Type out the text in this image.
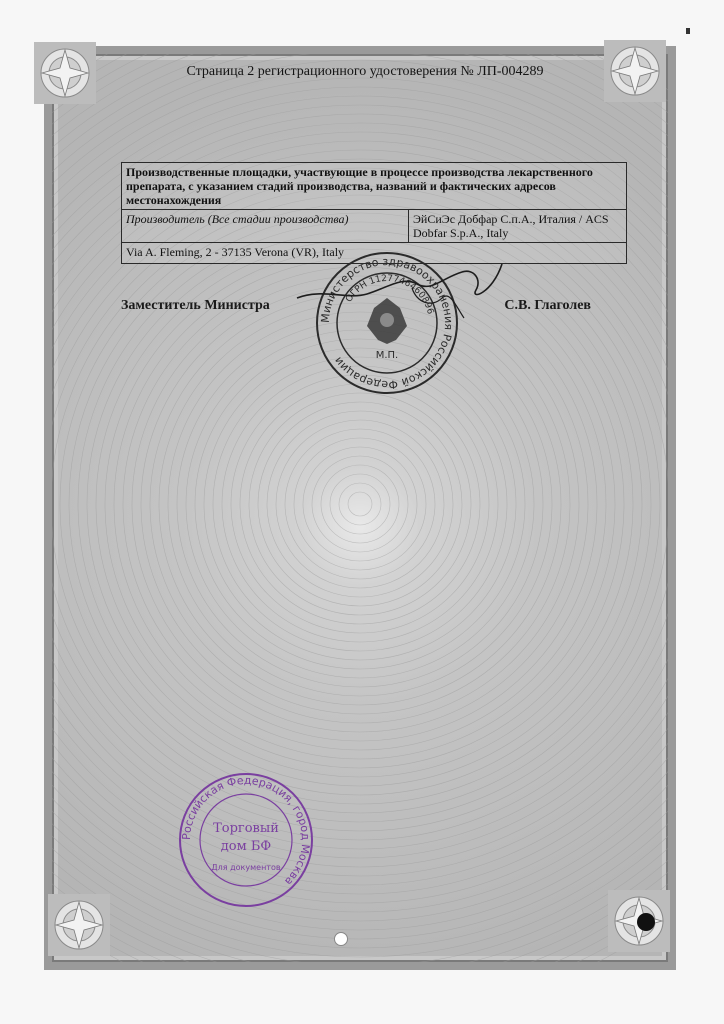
Страница 2 регистрационного удостоверения № ЛП-004289
Производственные площадки, участвующие в процессе производства лекарственного препарата, с указанием стадий производства, названий и фактических адресов местонахождения
Производитель (Все стадии производства)	ЭйСиЭс Добфар С.п.А., Италия / ACS Dobfar S.p.A., Italy
Via A. Fleming, 2 - 37135 Verona (VR), Italy
Заместитель Министра	С.В. Глаголев
Министерство здравоохранения Российской Федерации
ОГРН 1127746460896
М.П.
Российская Федерация, город Москва
Торговый
дом БФ
Для документов
